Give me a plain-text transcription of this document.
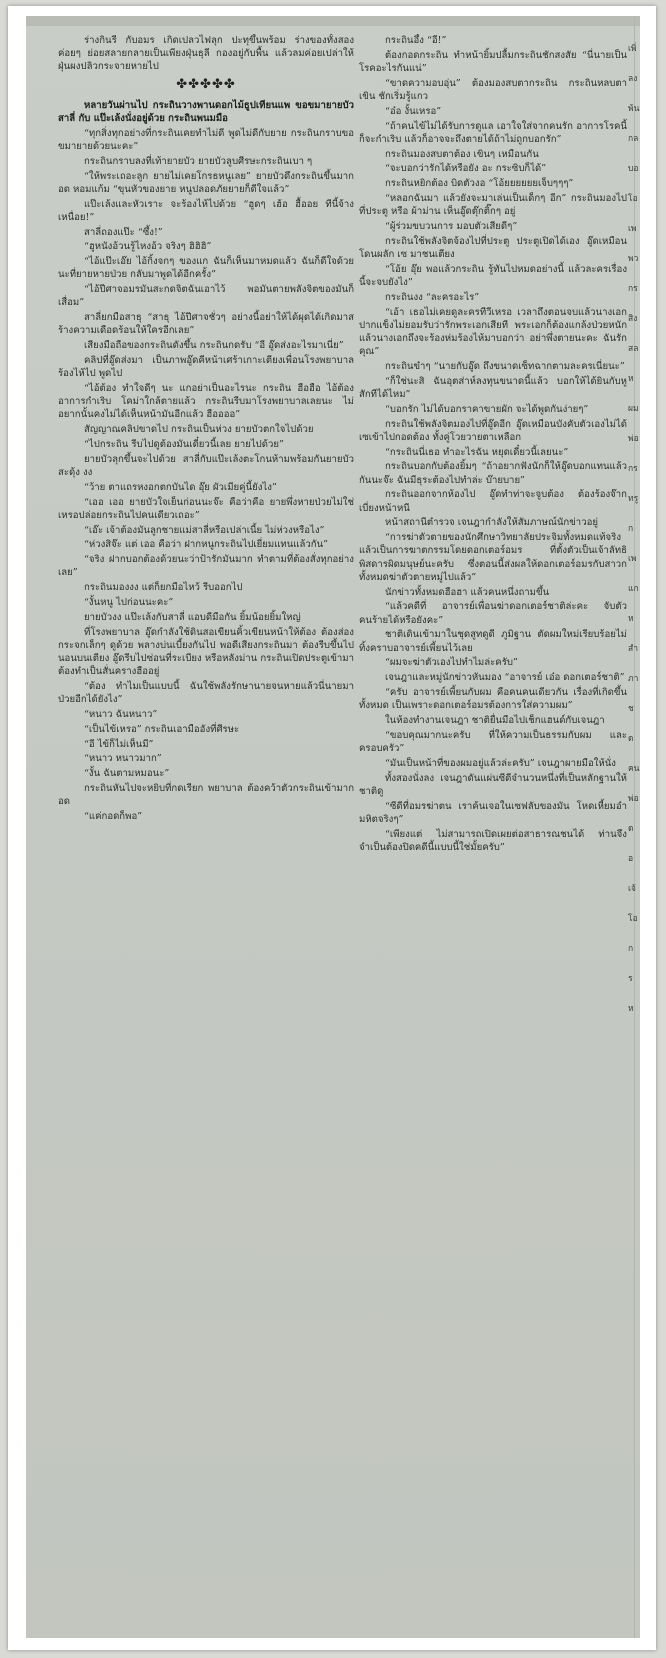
ร่างกินรี กับอมร เกิดเปลวไฟลุก ปะทุขึ้นพร้อม ร่างของทั้งสองค่อยๆ ย่อยสลายกลายเป็นเพียงฝุ่นธุลี กองอยู่กับพื้น แล้วลมค่อยเปล่าให้ฝุ่นผงปลิวกระจายหายไป

✤✤✤✤✤

หลายวันผ่านไป กระถินวางพานดอกไม้ธูปเทียนแพ ขอขมายายบัว สาลี่ กับ แป๊ะเล้งนั่งอยู่ด้วย กระถินพนมมือ

“ทุกสิ่งทุกอย่างที่กระถินเคยทำไม่ดี พูดไม่ดีกับยาย กระถินกราบขอขมายายด้วยนะคะ”

กระถินกราบลงที่เท้ายายบัว ยายบัวลูบศีรษะกระถินเบา ๆ

“ให้พระเถอะลูก ยายไม่เคยโกรธหนูเลย” ยายบัวดึงกระถินขึ้นมากอด หอมแก้ม “ขุนหัวของยาย หนูปลอดภัยยายก็ดีใจแล้ว”

แป๊ะเล้งและหัวเราะ จะร้องไห้ไปด้วย “ฮูดๆ เฮ้อ ฮื้ออย ทีนี้จ้างเหนื่อย!”

สาลี่ถองแป๊ะ “ซึ้ง!”

“ฮูหนังอ้วนรู้ไหงอ้ว จริงๆ ฮิฮิฮิ”

“ไอ้แป๊ะเอ๊ย ไอ้กิ้งจกๆ ของแก ฉันก็เห็นมาหมดแล้ว ฉันก็ดีใจด้วยนะที่ยายหายป่วย กลับมาพูดได้อีกครั้ง”

“ไอ้ปีศาจอมรมันสะกดจิตฉันเอาไว้ พอมันตายพลังจิตของมันก็เสื่อม”

สาลี่ยกมือสาธุ “สาธุ ไอ้ปีศาจชั่วๆ อย่างนี้อย่าให้ได้ผุดได้เกิดมาสร้างความเดือดร้อนให้ใครอีกเลย”

เสียงมือถือของกระถินดังขึ้น กระถินกดรับ “อี อู๊ดส่งอะไรมาเนี่ย”

คลิปที่อู๊ดส่งมา เป็นภาพอู๊ดคีหน้าเศร้าเกาะเตียงเพื่อนโรงพยาบาลร้องไห้ไป พูดไป

“ไอ้ต้อง ทำใจดีๆ นะ แกอย่าเป็นอะไรนะ กระถิน ฮือฮือ ไอ้ต้องอาการกำเริบ โคม่าใกล้ตายแล้ว กระถินรีบมาโรงพยาบาลเลยนะ ไม่อยากนั้นคงไม่ได้เห็นหน้ามันอีกแล้ว ฮืออออ”

สัญญาณคลิปขาดไป กระถินเป็นห่วง ยายบัวตกใจไปด้วย

“ไปกระถิน รีบไปดูต้องมันเดี๋ยวนี้เลย ยายไปด้วย”

ยายบัวลุกขึ้นจะไปด้วย สาลี่กับแป๊ะเล้งตะโกนห้ามพร้อมกันยายบัวสะดุ้ง งง

“ว้าย ตาแถรหงอกตกบันได อุ๊ย ผัวเมียคู่นี้ยังไง”

“เออ เออ ยายบัวใจเย็นก่อนนะจ๊ะ คือว่าคือ ยายพึ่งหายป่วยไม่ใช่เหรอปล่อยกระถินไปคนเดียวเถอะ”

“เอ๊ะ เจ้าต้องมันลูกชายแม่สาลี่หรือเปล่าเนี้ย ไม่ห่วงหรือไง”

“ห่วงสิจ๊ะ แต่ เออ คือว่า ฝากหนูกระถินไปเยี่ยมแทนแล้วกัน”

“จริง ฝากบอกต้องด้วยนะว่าป้ารักมันมาก ทำตามที่ต้องสั่งทุกอย่างเลย”

กระถินมองงง แต่ก็ยกมือไหว้ รีบออกไป

“งั้นหนู ไปก่อนนะคะ”

ยายบัวงง แป๊ะเล้งกับสาลี่ แอบดีมือกัน ยิ้มน้อยยิ้มใหญ่

ที่โรงพยาบาล อู๊ดกำลังใช้ดินสอเขียนคิ้วเขียนหน้าให้ต้อง ต้องส่องกระจกเล็กๆ ดูด้วย พลางบ่นเบี้ยงกันไป พอดีเสียงกระถินมา ต้องรีบขึ้นไปนอนบนเตียง อู๊ดรีบไปซ่อนที่ระเบียง หรือหลังม่าน กระถินเปิดประตูเข้ามา ต้องทำเป็นสั่นครางฮืออยู่

“ต้อง ทำไมเป็นแบบนี้ ฉันใช้พลังรักษานายจนหายแล้วนี่นายมาป่วยอีกได้ยังไง”

“หนาว ฉันหนาว”

“เป็นไข้เหรอ” กระถินเอามืออังที่ศีรษะ

“อี ไข้ก็ไม่เห็นมี”

“หนาว หนาวมาก”

“งั้น ฉันตามหมอนะ”

กระถินหันไปจะหยิบที่กดเรียก พยาบาล ต้องคว้าตัวกระถินเข้ามากอด

“แค่กอดก็พอ”

กระถินอึ้ง “อี!”

ต้องกอดกระถิน ทำหน้ายิ้มปลื้มกระถินชักสงสัย “นี่นายเป็นโรคอะไรกันแน่”

“ขาดความอบอุ่น” ต้องมองสบตากระถิน กระถินหลบตาเขิน ชักเริ่มรู้แกว

“อ๋อ งั้นเหรอ”

“ถ้าคนไข้ไม่ได้รับการดูแล เอาใจใส่จากคนรัก อาการโรคนี้ก็จะกำเริบ แล้วก็อาจจะถึงตายได้ถ้าไม่ถูกบอกรัก”

กระถินมองสบตาต้อง เขินๆ เหมือนกัน

“จะบอกว่ารักได้หรือยัง อะ กระซิบก็ได้”

กระถินหยิกต้อง บิดตัวงอ “โอ้ยยยยยยเจ็บๆๆๆ”

“หลอกฉันมา แล้วยังจะมาเล่นเป็นเด็กๆ อีก” กระถินมองไปที่ประตู หรือ ผ้าม่าน เห็นอู๊ดตุ๊กติ๊กๆ อยู่

“ผู้ร่วมขบวนการ มอบตัวเสียดีๆ”

กระถินใช้พลังจิตจ้องไปที่ประตู ประตูเปิดได้เอง อู๊ดเหมือนโดนผลัก เซ มาชนเตียง

“โอ้ย อุ๊ย พอแล้วกระถิน รู้ทันไปหมดอย่างนี้ แล้วละครเรื่องนี้จะจบยังไง”

กระถินงง “ละครอะไร”

“เอ้า เธอไม่เคยดูละครทีวีเหรอ เวลาถึงตอนจบแล้วนางเอกปากแข็งไม่ยอมรับว่ารักพระเอกเสียที พระเอกก็ต้องแกล้งป่วยหนัก แล้วนางเอกถึงจะร้องห่มร้องไห้มาบอกว่า อย่าพึ่งตายนะคะ ฉันรักคุณ”

กระถินขำๆ “นายกับอู๊ด ถึงขนาดเซ็ทฉากตามละครเนี่ยนะ”

“ก็ใช่นะสิ ฉันอุตส่าห์ลงทุนขนาดนี้แล้ว บอกให้ได้ยินกับหูสักทีได้ไหม”

“บอกรัก ไม่ได้บอกราคาขายผัก จะได้พูดกันง่ายๆ”

กระถินใช้พลังจิตมองไปที่อู๊ดอีก อู๊ดเหมือนบังคับตัวเองไม่ได้ เซเข้าไปกอดต้อง ทั้งคู่โวยวายตาเหลือก

“กระถินนี่เธอ ทำอะไรฉัน หยุดเดี๋ยวนี้เลยนะ”

กระถินบอกกับต้องยิ้มๆ “ถ้าอยากฟังนักก็ให้อู๊ดบอกแทนแล้วกันนะจ๊ะ ฉันมีธุระต้องไปทำล่ะ บ๊ายบาย”

กระถินออกจากห้องไป อู๊ดทำท่าจะจูบต้อง ต้องร้องจ๊าก เบี่ยงหน้าหนี

หน้าสถานีตำรวจ เจนฎากำลังให้สัมภาษณ์นักข่าวอยู่

“การฆ่าตัวตายของนักศึกษาวิทยาลัยประจิมทั้งหมดแท้จริงแล้วเป็นการฆาตกรรมโดยดอกเตอร์อมร ที่ตั้งตัวเป็นเจ้าลัทธิพิสดารผิดมนุษย์นะครับ ซึ่งตอนนี้ส่งผลให้ดอกเตอร์อมรกับสาวกทั้งหมดฆ่าตัวตายหมู่ไปแล้ว”

นักข่าวทั้งหมดฮือฮา แล้วคนหนึ่งถามขึ้น

“แล้วคดีที่ อาจารย์เพื่อนฆ่าดอกเตอร์ชาติล่ะคะ จับตัวคนร้ายได้หรือยังคะ”

ชาติเดินเข้ามาในชุดสูทดูดี ภูมิฐาน ตัดผมใหม่เรียบร้อยไม่ทิ้งคราบอาจารย์เพี้ยนไว้เลย

“ผมจะฆ่าตัวเองไปทำไมล่ะครับ”

เจนฎาและหมู่นักข่าวหันมอง “อาจารย์ เอ๋อ ดอกเตอร์ชาติ”

“ครับ อาจารย์เพี้ยนกับผม คือคนคนเดียวกัน เรื่องที่เกิดขึ้นทั้งหมด เป็นเพราะดอกเตอร์อมรต้องการใส่ความผม”

ในห้องทำงานเจนฎา ชาติยื่นมือไปเช็กแฮนด์กับเจนฎา

“ขอบคุณมากนะครับ ที่ให้ความเป็นธรรมกับผม และครอบครัว”

“มันเป็นหน้าที่ของผมอยู่แล้วล่ะครับ” เจนฎาผายมือให้นั่ง

ทั้งสองนั่งลง เจนฎาดันแผ่นซีดีจำนวนหนึ่งที่เป็นหลักฐานให้ชาติดู

“ซีดีที่อมรฆ่าตน เราค้นเจอในเซฟลับของมัน โหดเหี้ยมอำมหิตจริงๆ”

“เพียงแต่ ไม่สามารถเปิดเผยต่อสาธารณชนได้ ท่านจึงจำเป็นต้องปิดคดีนี้แบบนี้ใช่มั้ยครับ”

เพิ่
ลง
พ้น
กล
บอ
โอ
เพ
พว
กร
สิง
สล
ห
ผม
พ่อ
กร
ทรู
ก
เพ
แก
ห
สำ
ภา
ช
ด
คน
พ่อ
ด
อ
เจ้
โอ
ก
ร
ห
